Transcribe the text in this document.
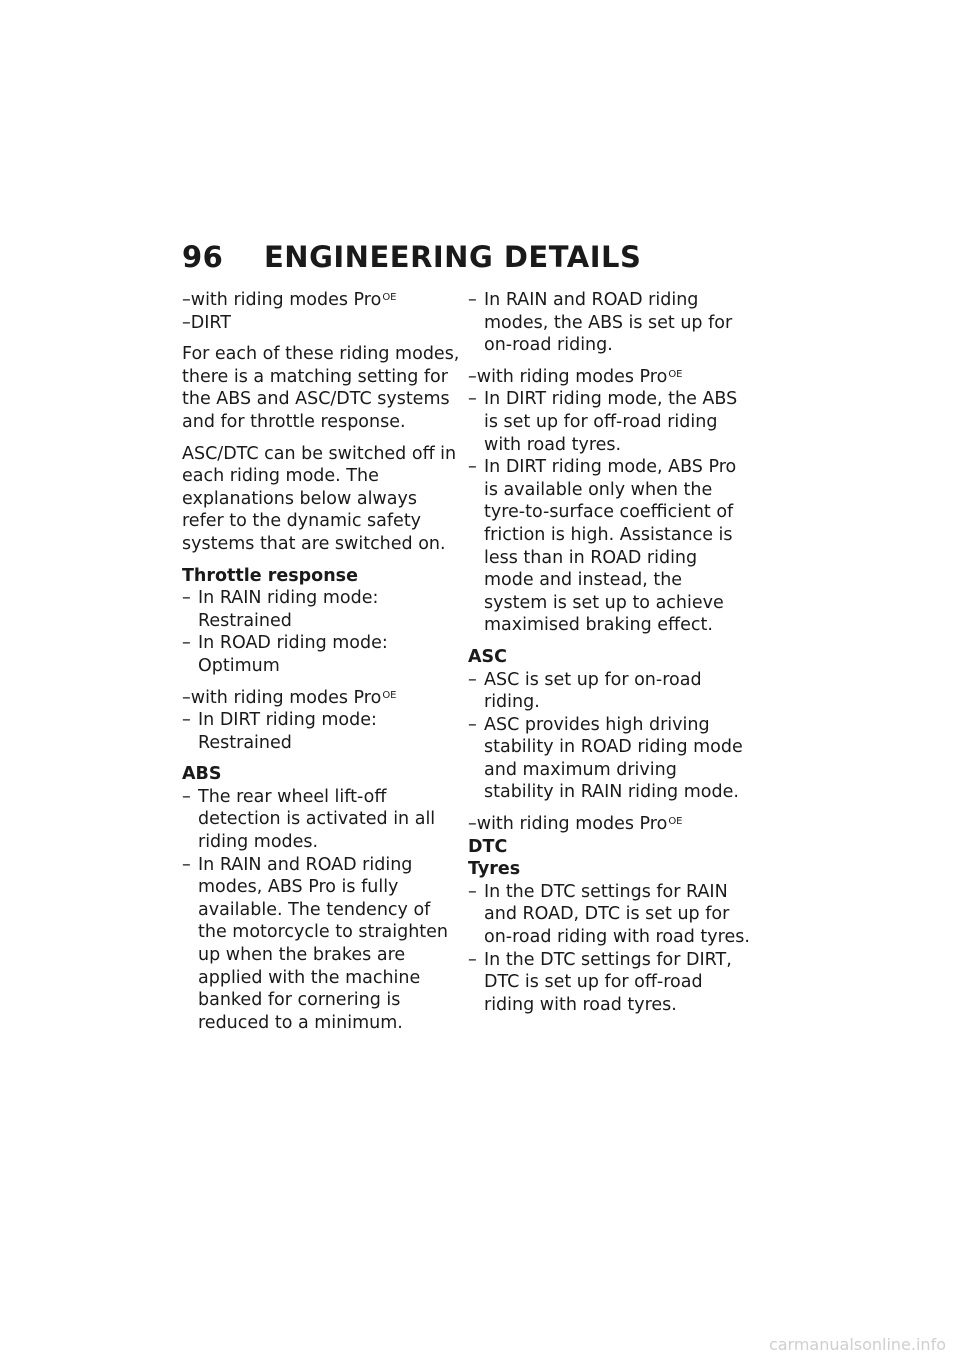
96 ENGINEERING DETAILS

–with riding modes Pro$^{OE}$

–DIRT

For each of these riding modes, there is a matching setting for the ABS and ASC/DTC systems and for throttle response.

ASC/DTC can be switched off in each riding mode. The explanations below always refer to the dynamic safety systems that are switched on.

Throttle response

– In RAIN riding mode: Restrained
– In ROAD riding mode: Optimum

–with riding modes Pro$^{OE}$

– In DIRT riding mode: Restrained

ABS

– The rear wheel lift-off detection is activated in all riding modes.
– In RAIN and ROAD riding modes, ABS Pro is fully available. The tendency of the motorcycle to straighten up when the brakes are applied with the machine banked for cornering is reduced to a minimum.
– In RAIN and ROAD riding modes, the ABS is set up for on-road riding.

–with riding modes Pro$^{OE}$

– In DIRT riding mode, the ABS is set up for off-road riding with road tyres.
– In DIRT riding mode, ABS Pro is available only when the tyre-to-surface coefficient of friction is high. Assistance is less than in ROAD riding mode and instead, the system is set up to achieve maximised braking effect.

ASC

– ASC is set up for on-road riding.
– ASC provides high driving stability in ROAD riding mode and maximum driving stability in RAIN riding mode.

–with riding modes Pro$^{OE}$

DTC

Tyres

– In the DTC settings for RAIN and ROAD, DTC is set up for on-road riding with road tyres.
– In the DTC settings for DIRT, DTC is set up for off-road riding with road tyres.
carmanualsonline.info
